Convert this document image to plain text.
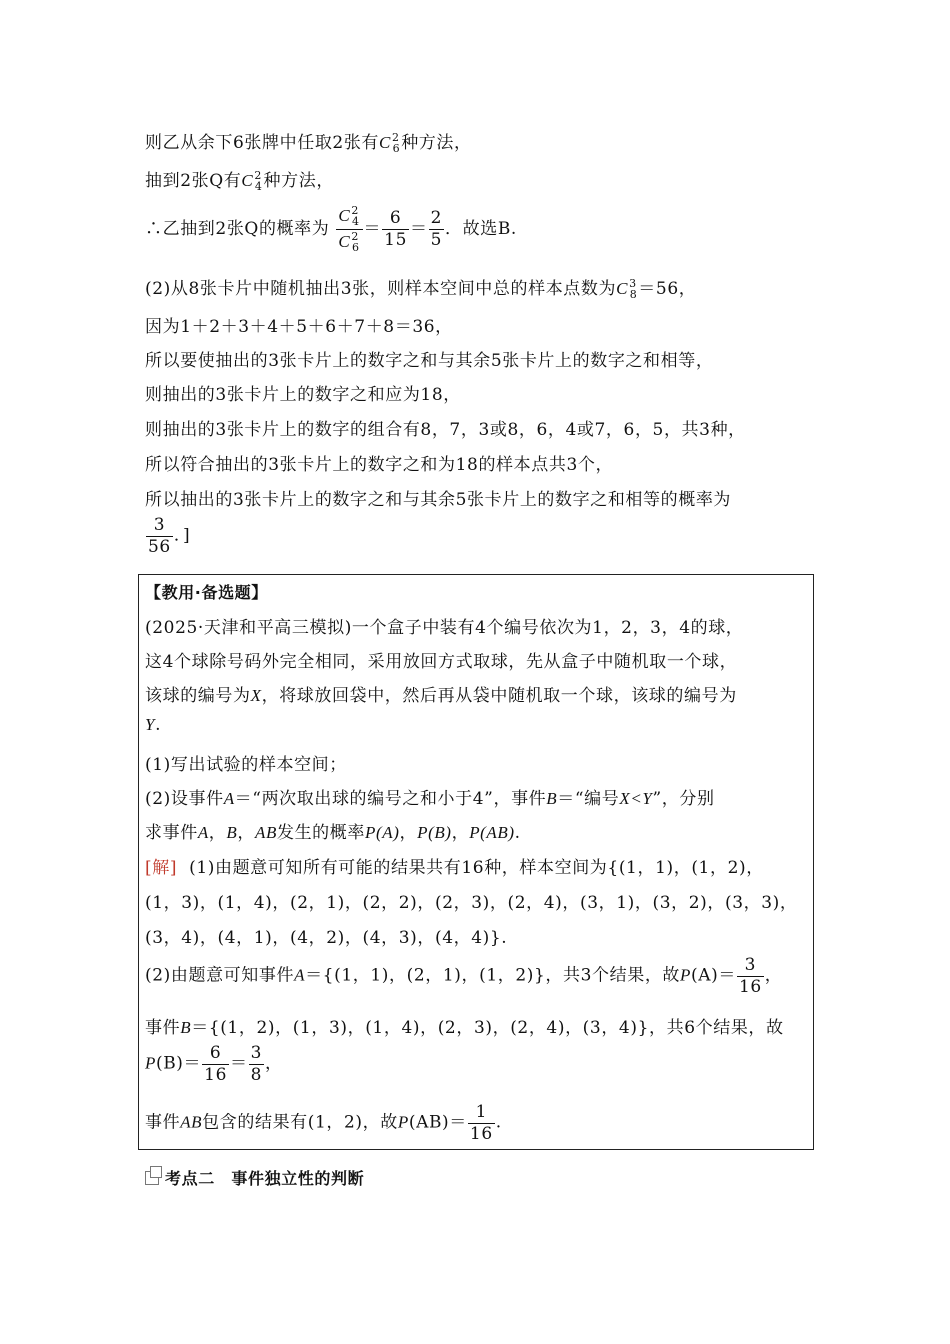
则乙从余下6张牌中任取2张有$C^2_6$种方法，
抽到2张Q有$C^2_4$种方法，
∴乙抽到2张Q的概率为 $\frac{C^2_4}{C^2_6} = \frac{6}{15} = \frac{2}{5}$ ．故选B.
(2)从8张卡片中随机抽出3张，则样本空间中总的样本点数为$C^3_8=56$，
因为1＋2＋3＋4＋5＋6＋7＋8＝36，
所以要使抽出的3张卡片上的数字之和与其余5张卡片上的数字之和相等，
则抽出的3张卡片上的数字之和应为18，
则抽出的3张卡片上的数字的组合有8，7，3或8，6，4或7，6，5，共3种，
所以符合抽出的3张卡片上的数字之和为18的样本点共3个，
所以抽出的3张卡片上的数字之和与其余5张卡片上的数字之和相等的概率为
$\frac{3}{56}$ ．]
【教用·备选题】
(2025·天津和平高三模拟)一个盒子中装有4个编号依次为1，2，3，4的球，
这4个球除号码外完全相同，采用放回方式取球，先从盒子中随机取一个球，
该球的编号为X，将球放回袋中，然后再从袋中随机取一个球，该球的编号为
Y.
(1)写出试验的样本空间；
(2)设事件A＝“两次取出球的编号之和小于4”，事件B＝“编号X<Y”，分别
求事件A，B，AB发生的概率P(A)，P(B)，P(AB).
[解] (1)由题意可知所有可能的结果共有16种，样本空间为{(1，1)，(1，2)，
(1，3)，(1，4)，(2，1)，(2，2)，(2，3)，(2，4)，(3，1)，(3，2)，(3，3)，
(3，4)，(4，1)，(4，2)，(4，3)，(4，4)}.
(2)由题意可知事件A＝{(1，1)，(2，1)，(1，2)}，共3个结果，故$P(A)= \frac{3}{16}$ ，
事件B＝{(1，2)，(1，3)，(1，4)，(2，3)，(2，4)，(3，4)}，共6个结果，故
$P(B)= \frac{6}{16} = \frac{3}{8}$ ，
事件AB包含的结果有(1，2)，故$P(AB)= \frac{1}{16}$ .
考点二　事件独立性的判断
